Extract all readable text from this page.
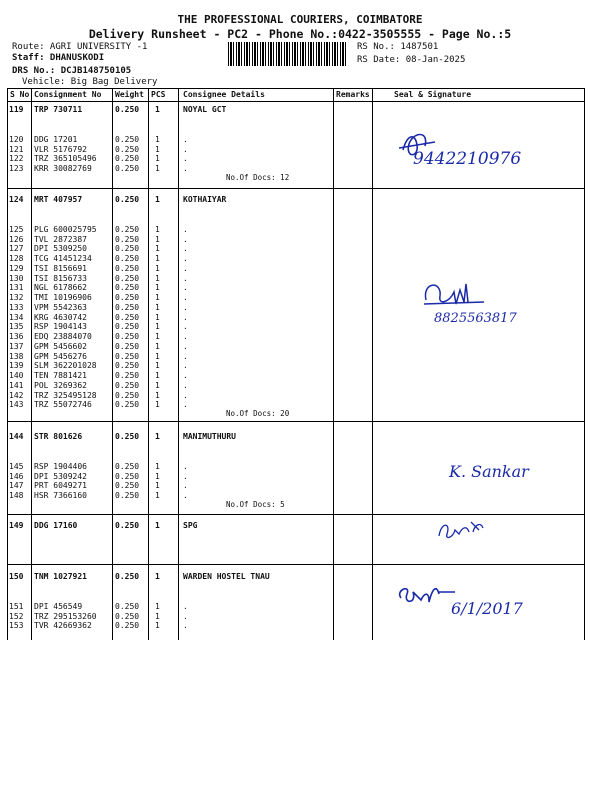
THE PROFESSIONAL COURIERS, COIMBATORE
Delivery Runsheet - PC2 - Phone No.:0422-3505555 - Page No.:5
Route: AGRI UNIVERSITY -1
Staff: DHANUSKODI
DRS No.: DCJB148750105
Vehicle: Big Bag Delivery
RS No.: 1487501
RS Date: 08-Jan-2025
S No Consignment No Weight PCS Consignee Details	Remarks	Seal & Signature
119 TRP 730711	0.250 1	NOYAL GCT
120 DDG 17201	0.250 1	.
121 VLR 5176792	0.250 1	.
122 TRZ 365105496 0.250 1	.
123 KRR 30082769	0.250 1	.
No.Of Docs: 12
124 MRT 407957	0.250 1	KOTHAIYAR
125 PLG 600025795 0.250 1	.
126 TVL 2872387	0.250 1	.
127 DPI 5309250	0.250 1	.
128 TCG 41451234	0.250 1	.
129 TSI 8156691	0.250 1	.
130 TSI 8156733	0.250 1	.
131 NGL 6178662	0.250 1	.
132 TMI 10196906	0.250 1	.
133 VPM 5542363	0.250 1	.
134 KRG 4630742	0.250 1	.
135 RSP 1904143	0.250 1	.
136 EDQ 23884070	0.250 1	.
137 GPM 5456602	0.250 1	.
138 GPM 5456276	0.250 1	.
139 SLM 362201028 0.250 1	.
140 TEN 7881421	0.250 1	.
141 POL 3269362	0.250 1	.
142 TRZ 325495128 0.250 1	.
143 TRZ 55072746	0.250 1	.
No.Of Docs: 20
144 STR 801626	0.250 1	MANIMUTHURU
145 RSP 1904406	0.250 1	.
146 DPI 5309242	0.250 1	.
147 PRT 6049271	0.250 1	.
148 HSR 7366160	0.250 1	.
No.Of Docs: 5
149 DDG 17160	0.250 1	SPG
150 TNM 1027921	0.250 1	WARDEN HOSTEL TNAU
151 DPI 456549	0.250 1	.
152 TRZ 295153260 0.250 1	.
153 TVR 42669362	0.250 1	.
9442210976
8825563817
K. Sankar
6/1/2017
